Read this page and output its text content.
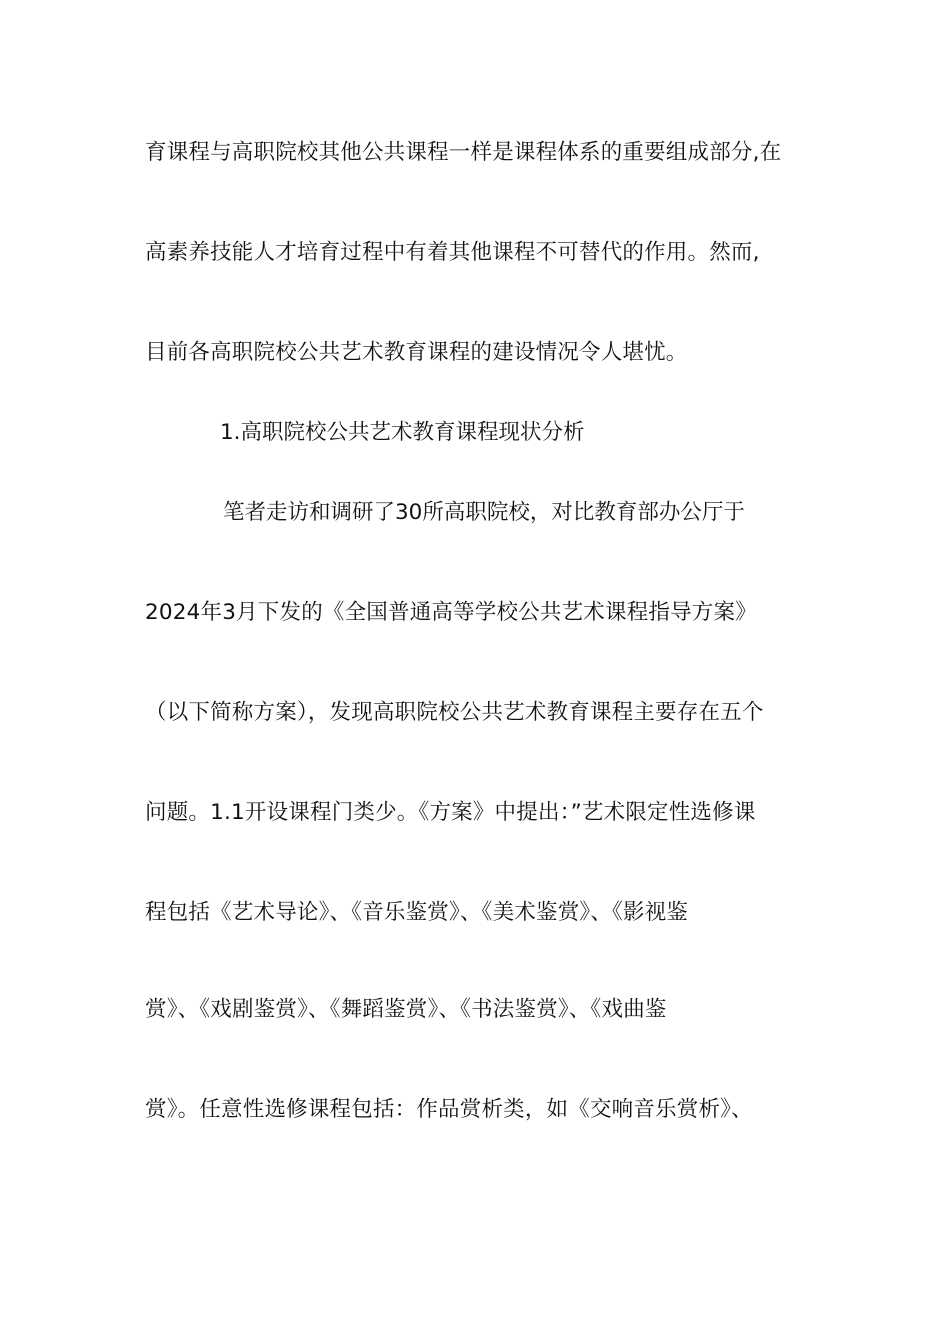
育课程与高职院校其他公共课程一样是课程体系的重要组成部分,在
高素养技能人才培育过程中有着其他课程不可替代的作用。然而,
目前各高职院校公共艺术教育课程的建设情况令人堪忧。
1.高职院校公共艺术教育课程现状分析
笔者走访和调研了30所高职院校，对比教育部办公厅于
2024年3月下发的《全国普通高等学校公共艺术课程指导方案》
（以下简称方案），发现高职院校公共艺术教育课程主要存在五个
问题。1.1开设课程门类少。《方案》中提出：”艺术限定性选修课
程包括《艺术导论》、《音乐鉴赏》、《美术鉴赏》、《影视鉴
赏》、《戏剧鉴赏》、《舞蹈鉴赏》、《书法鉴赏》、《戏曲鉴
赏》。任意性选修课程包括：作品赏析类，如《交响音乐赏析》、
